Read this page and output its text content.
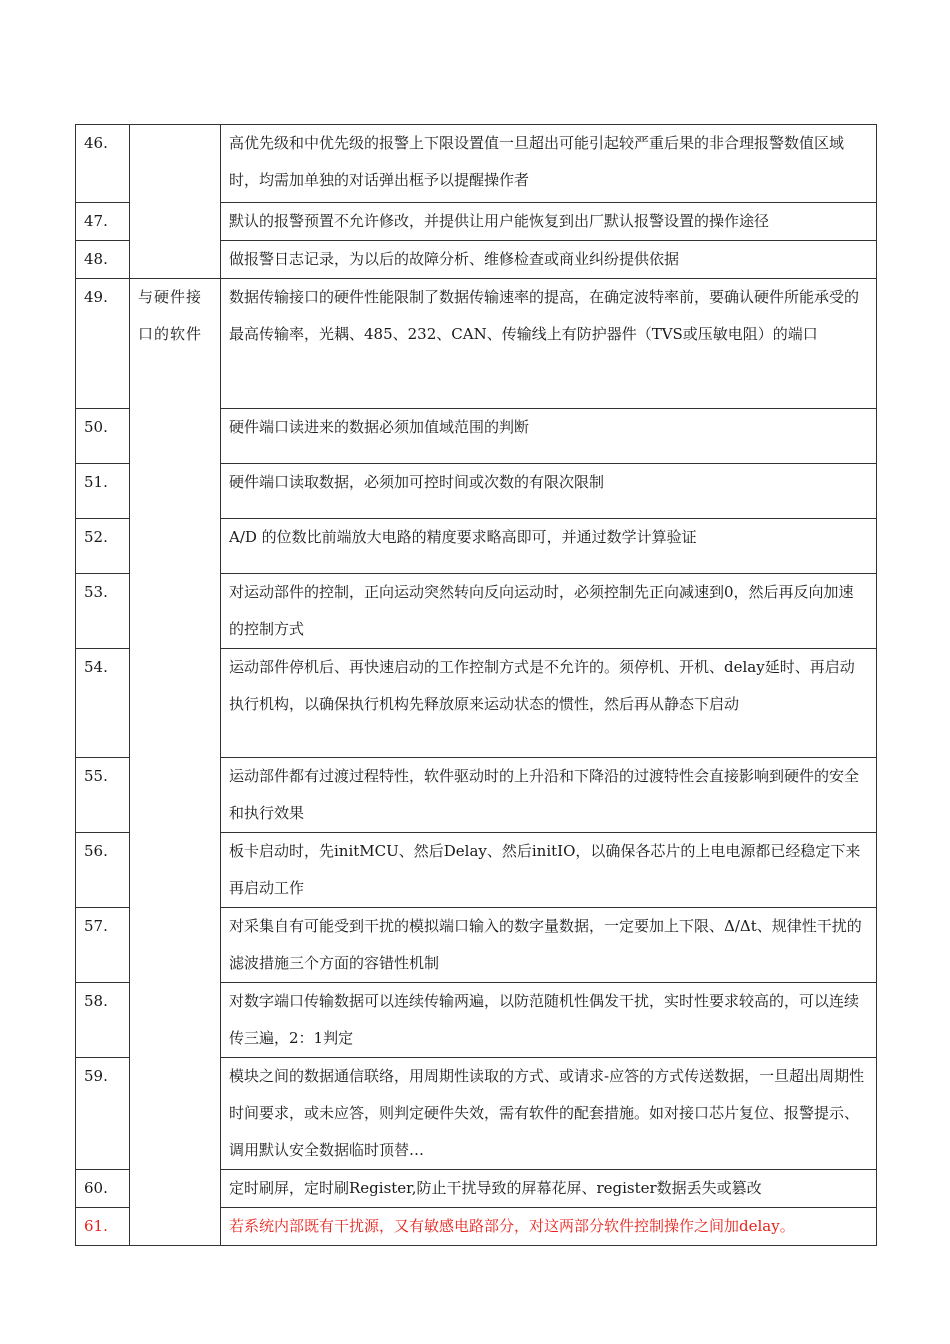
46.		高优先级和中优先级的报警上下限设置值一旦超出可能引起较严重后果的非合理报警数值区域时，均需加单独的对话弹出框予以提醒操作者
47.		默认的报警预置不允许修改，并提供让用户能恢复到出厂默认报警设置的操作途径
48.		做报警日志记录，为以后的故障分析、维修检查或商业纠纷提供依据
49.	与硬件接口的软件	数据传输接口的硬件性能限制了数据传输速率的提高，在确定波特率前，要确认硬件所能承受的最高传输率，光耦、485、232、CAN、传输线上有防护器件（TVS或压敏电阻）的端口
50.		硬件端口读进来的数据必须加值域范围的判断
51.		硬件端口读取数据，必须加可控时间或次数的有限次限制
52.		A/D 的位数比前端放大电路的精度要求略高即可，并通过数学计算验证
53.		对运动部件的控制，正向运动突然转向反向运动时，必须控制先正向减速到0，然后再反向加速的控制方式
54.		运动部件停机后、再快速启动的工作控制方式是不允许的。须停机、开机、delay延时、再启动执行机构，以确保执行机构先释放原来运动状态的惯性，然后再从静态下启动
55.		运动部件都有过渡过程特性，软件驱动时的上升沿和下降沿的过渡特性会直接影响到硬件的安全和执行效果
56.		板卡启动时，先initMCU、然后Delay、然后initIO，以确保各芯片的上电电源都已经稳定下来再启动工作
57.		对采集自有可能受到干扰的模拟端口输入的数字量数据，一定要加上下限、Δ/Δt、规律性干扰的滤波措施三个方面的容错性机制
58.		对数字端口传输数据可以连续传输两遍，以防范随机性偶发干扰，实时性要求较高的，可以连续传三遍，2：1判定
59.		模块之间的数据通信联络，用周期性读取的方式、或请求-应答的方式传送数据，一旦超出周期性时间要求，或未应答，则判定硬件失效，需有软件的配套措施。如对接口芯片复位、报警提示、调用默认安全数据临时顶替…
60.		定时刷屏，定时刷Register,防止干扰导致的屏幕花屏、register数据丢失或篡改
61.		若系统内部既有干扰源，又有敏感电路部分，对这两部分软件控制操作之间加delay。
